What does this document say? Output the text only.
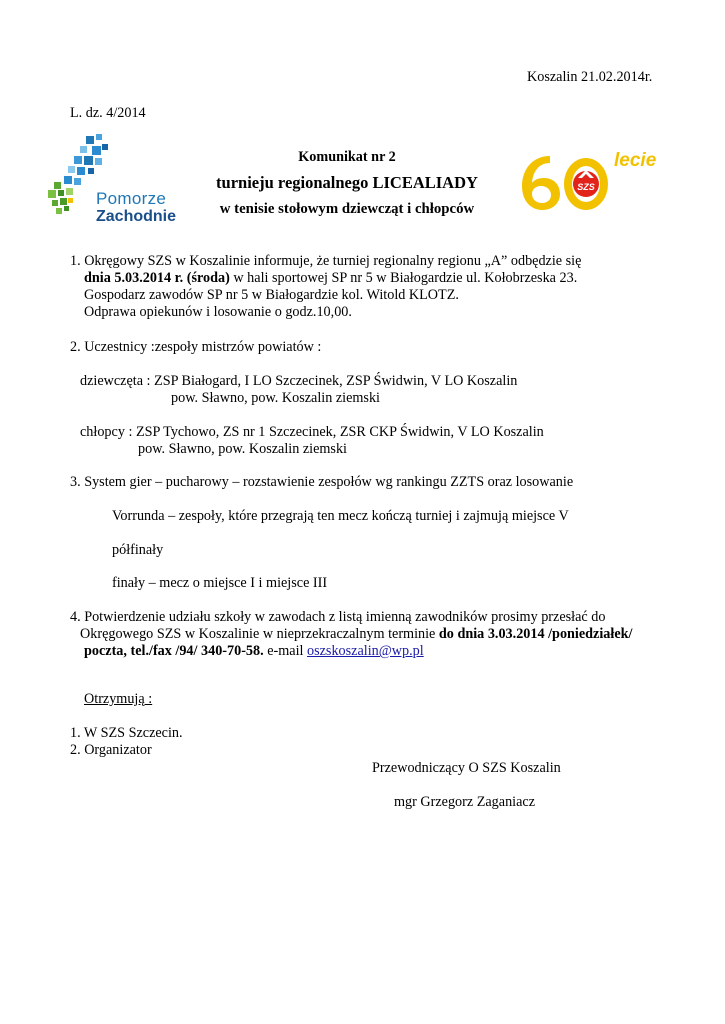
Koszalin 21.02.2014r.
L. dz. 4/2014
Pomorze
Zachodnie
SZS
lecie
Komunikat nr 2
turnieju regionalnego LICEALIADY
w tenisie stołowym dziewcząt i chłopców
1. Okręgowy SZS w Koszalinie informuje, że turniej regionalny regionu „A” odbędzie się
dnia 5.03.2014 r. (środa) w hali sportowej SP nr 5 w Białogardzie ul. Kołobrzeska 23.
Gospodarz zawodów SP nr 5 w Białogardzie kol. Witold KLOTZ.
Odprawa opiekunów i losowanie o godz.10,00.
2. Uczestnicy :zespoły mistrzów powiatów :
dziewczęta : ZSP Białogard, I LO Szczecinek, ZSP Świdwin, V LO Koszalin
pow. Sławno, pow. Koszalin ziemski
chłopcy : ZSP Tychowo, ZS nr 1 Szczecinek, ZSR CKP Świdwin, V LO Koszalin
pow. Sławno, pow. Koszalin ziemski
3. System gier – pucharowy – rozstawienie zespołów wg rankingu ZZTS oraz losowanie
Vorrunda – zespoły, które przegrają ten mecz kończą turniej i zajmują miejsce V
półfinały
finały – mecz o miejsce I i miejsce III
4. Potwierdzenie udziału szkoły w zawodach z listą imienną zawodników prosimy przesłać do
Okręgowego SZS w Koszalinie w nieprzekraczalnym terminie do dnia 3.03.2014 /poniedziałek/
poczta, tel./fax /94/ 340-70-58. e-mail oszskoszalin@wp.pl
Otrzymują :
1. W SZS Szczecin.
2. Organizator
Przewodniczący O SZS Koszalin
mgr Grzegorz Zaganiacz
